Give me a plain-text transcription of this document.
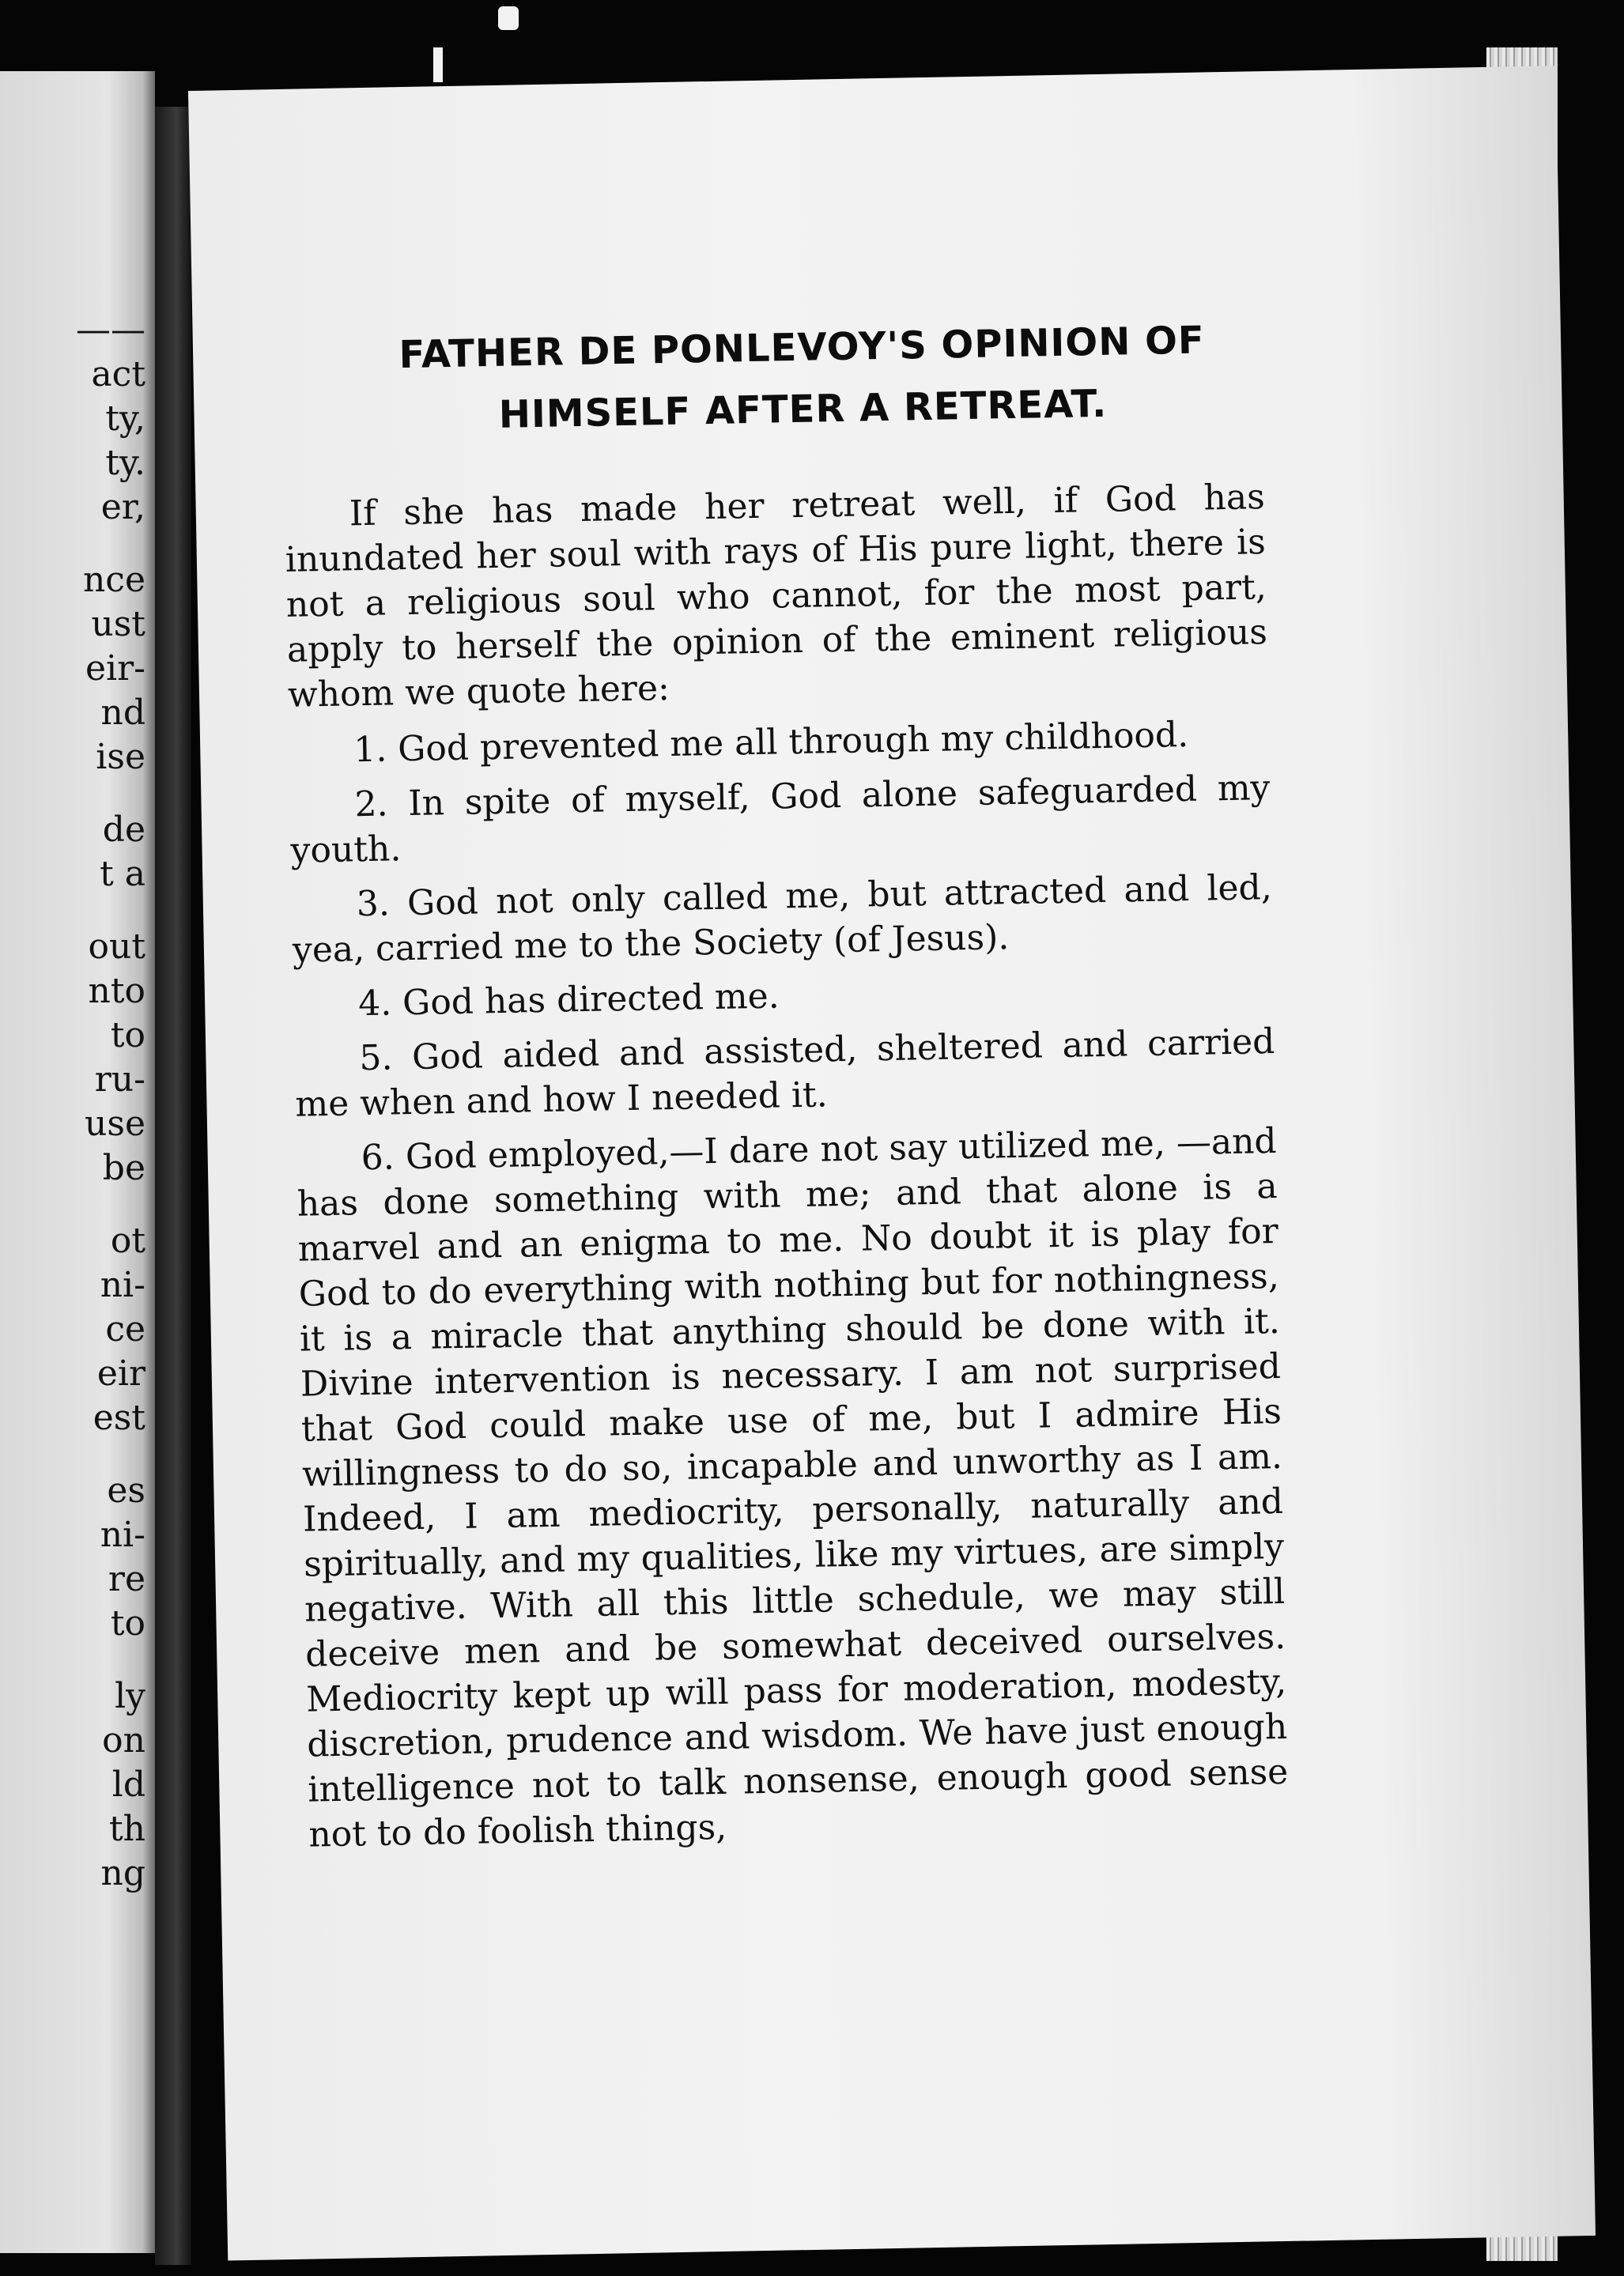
——
act
ty,
ty.
er,
nce
ust
eir-
nd
ise
de
t a
out
nto
to
ru-
use
be
ot
ni-
ce
eir
est
es
ni-
re
to
ly
on
ld
th
ng
FATHER DE PONLEVOY'S OPINION OF
HIMSELF AFTER A RETREAT.

If she has made her retreat well, if God has inundated her soul with rays of His pure light, there is not a religious soul who cannot, for the most part, apply to herself the opinion of the eminent religious whom we quote here:

1. God prevented me all through my childhood.

2. In spite of myself, God alone safeguarded my youth.

3. God not only called me, but attracted and led, yea, carried me to the Society (of Jesus).

4. God has directed me.

5. God aided and assisted, sheltered and carried me when and how I needed it.

6. God employed,—I dare not say utilized me, —and has done something with me; and that alone is a marvel and an enigma to me. No doubt it is play for God to do everything with nothing but for nothingness, it is a miracle that anything should be done with it. Divine intervention is necessary. I am not surprised that God could make use of me, but I admire His willingness to do so, incapable and unworthy as I am. Indeed, I am mediocrity, personally, naturally and spiritually, and my qualities, like my virtues, are simply negative. With all this little schedule, we may still deceive men and be somewhat deceived ourselves. Mediocrity kept up will pass for moderation, modesty, discretion, prudence and wisdom. We have just enough intelligence not to talk nonsense, enough good sense not to do foolish things,
